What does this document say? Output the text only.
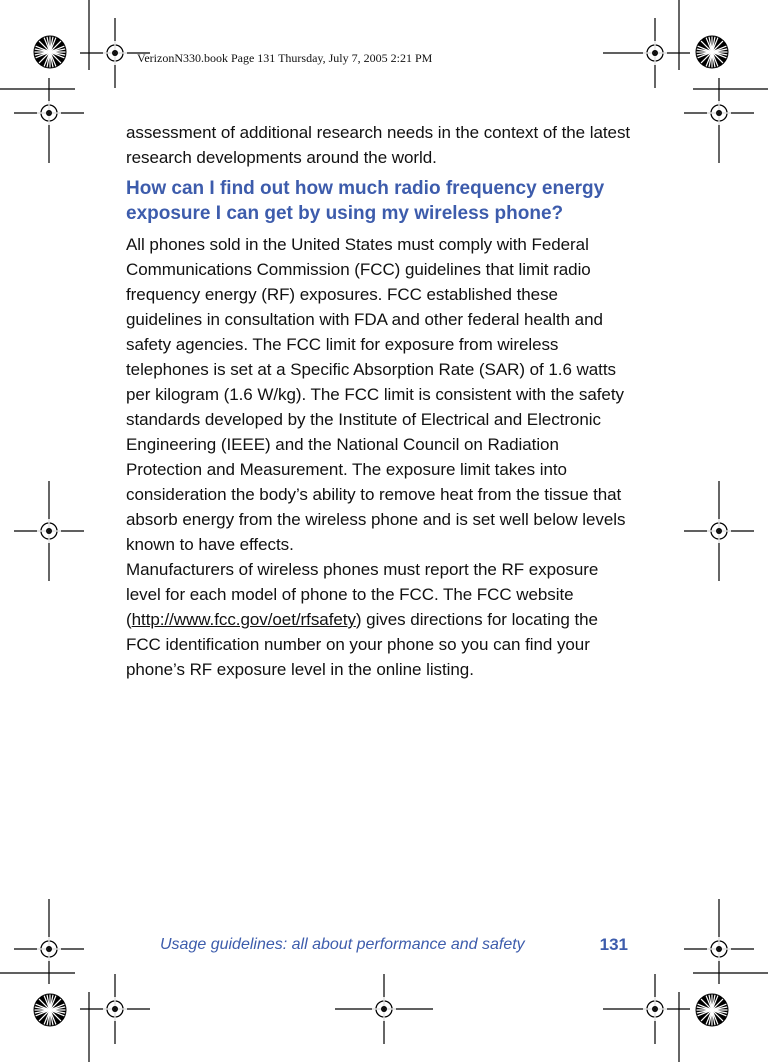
VerizonN330.book Page 131 Thursday, July 7, 2005 2:21 PM

assessment of additional research needs in the context of the latest research developments around the world.

How can I find out how much radio frequency energy exposure I can get by using my wireless phone?

All phones sold in the United States must comply with Federal Communications Commission (FCC) guidelines that limit radio frequency energy (RF) exposures. FCC established these guidelines in consultation with FDA and other federal health and safety agencies. The FCC limit for exposure from wireless telephones is set at a Specific Absorption Rate (SAR) of 1.6 watts per kilogram (1.6 W/kg). The FCC limit is consistent with the safety standards developed by the Institute of Electrical and Electronic Engineering (IEEE) and the National Council on Radiation Protection and Measurement. The exposure limit takes into consideration the body’s ability to remove heat from the tissue that absorb energy from the wireless phone and is set well below levels known to have effects.

Manufacturers of wireless phones must report the RF exposure level for each model of phone to the FCC. The FCC website (http://www.fcc.gov/oet/rfsafety) gives directions for locating the FCC identification number on your phone so you can find your phone’s RF exposure level in the online listing.

Usage guidelines: all about performance and safety	131
